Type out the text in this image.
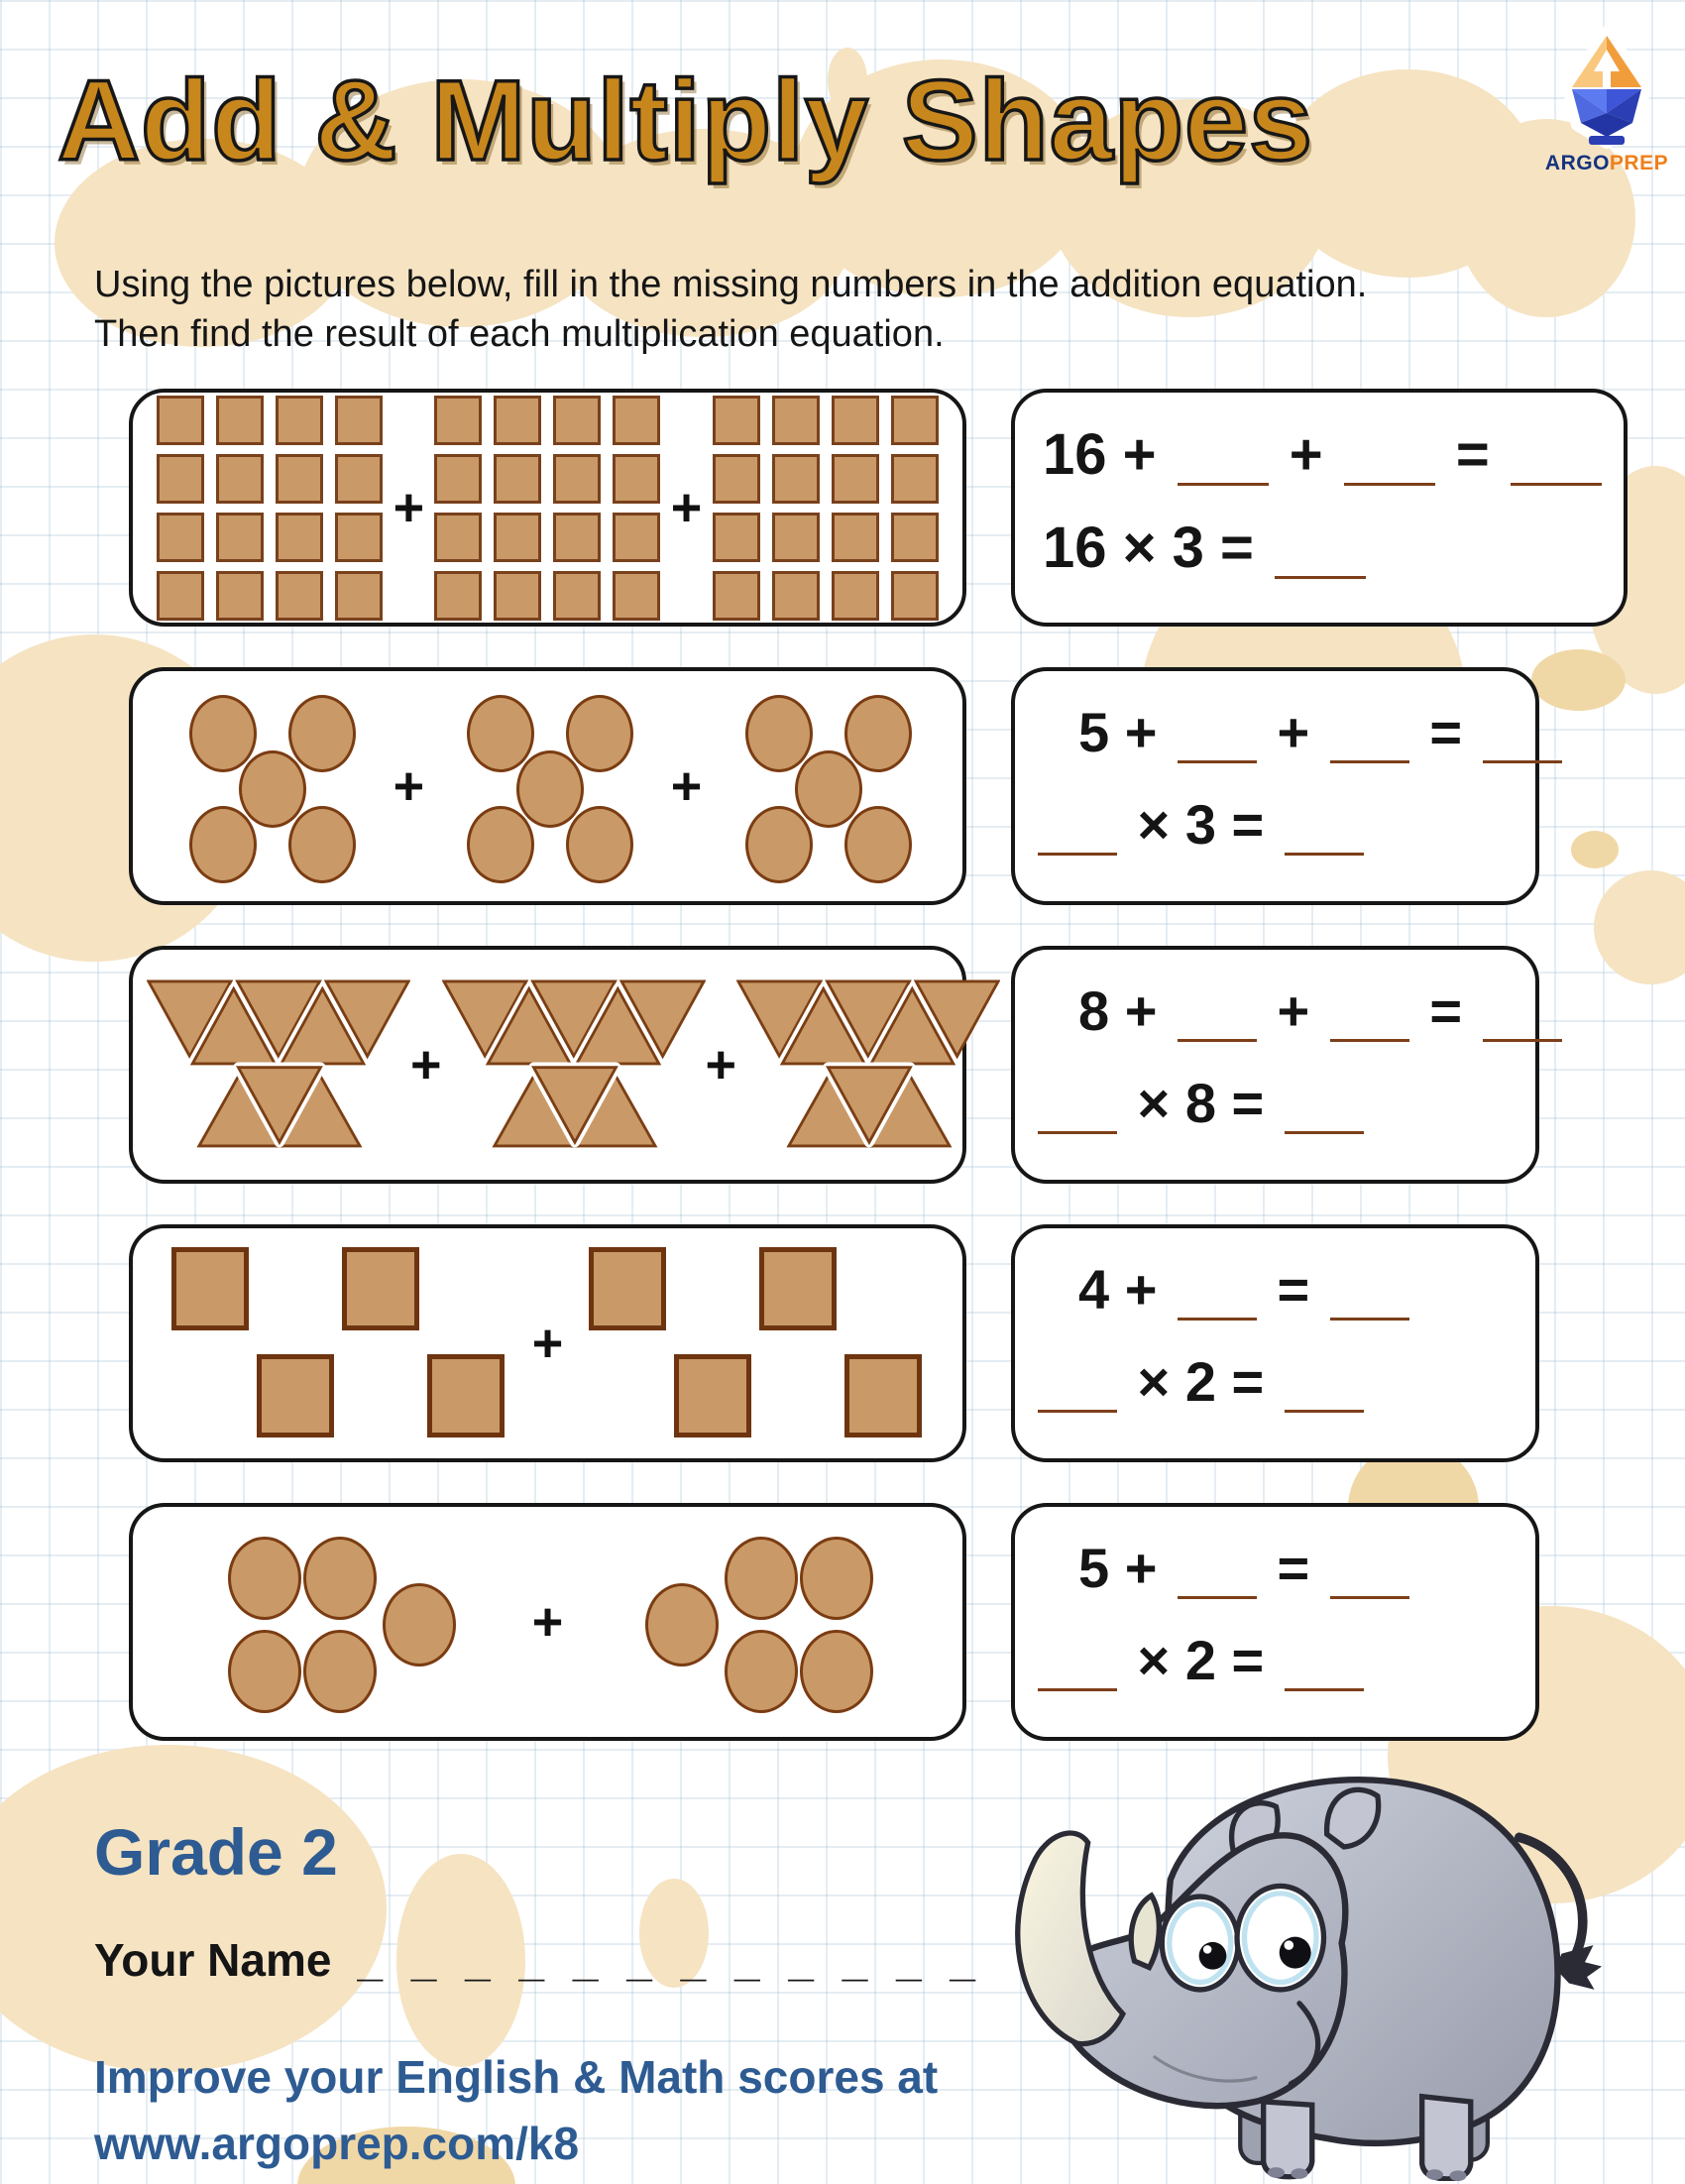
ARGOPREP
Add & Multiply Shapes
Using the pictures below, fill in the missing numbers in the addition equation.
Then find the result of each multiplication equation.
+	+
16 +  +  =
16 × 3 =
+	+
5 +  +  =
× 3 =
+	+
8 +  +  =
× 8 =
+
4 +  =
× 2 =
+
5 +  =
× 2 =
Grade 2
Your Name _ _ _ _ _ _ _ _ _ _ _ _
Improve your English & Math scores at
www.argoprep.com/k8
